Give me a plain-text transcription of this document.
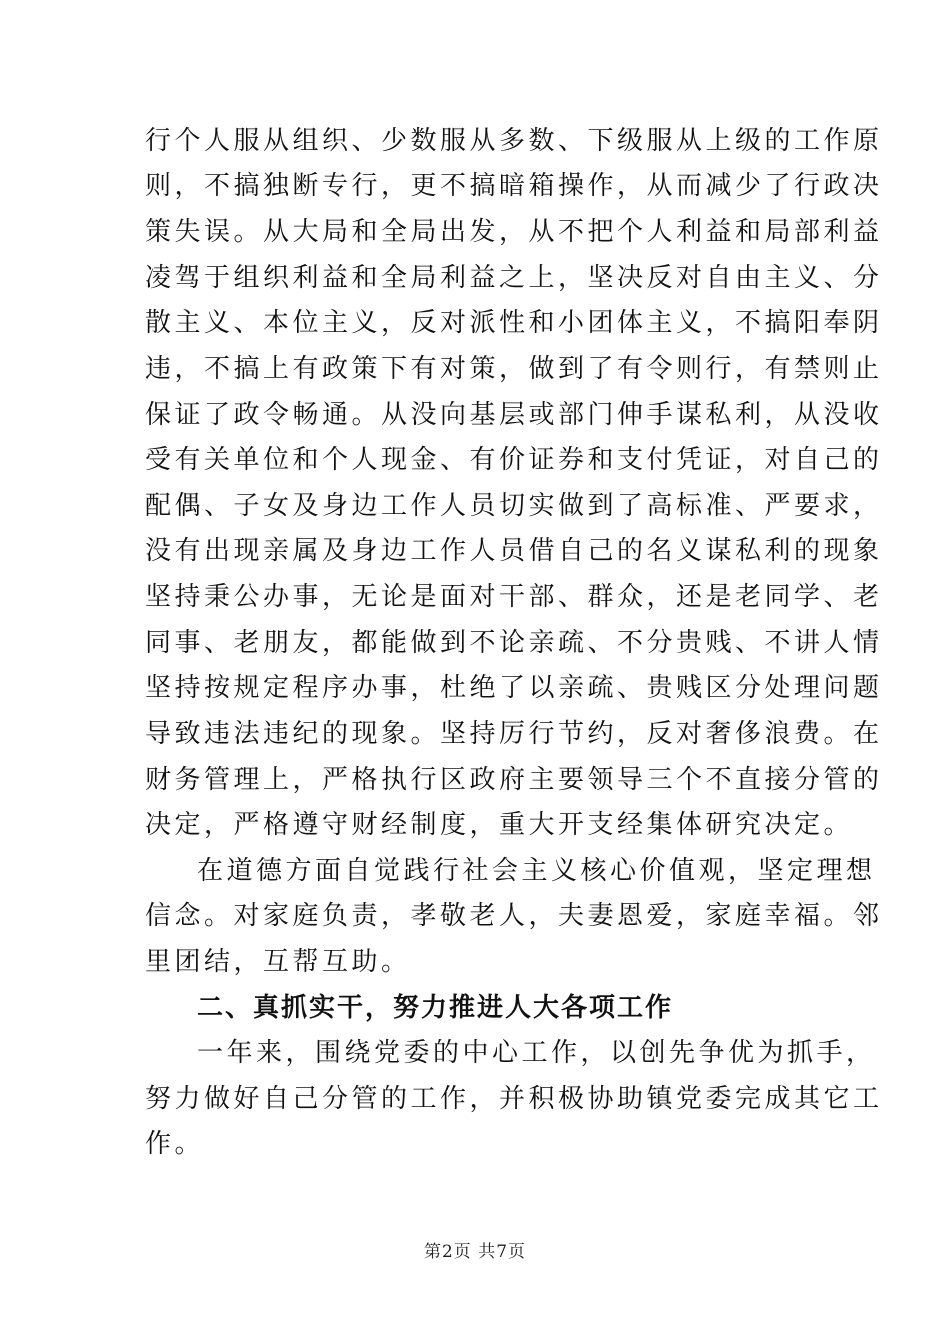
行个人服从组织、少数服从多数、下级服从上级的工作原
则，不搞独断专行，更不搞暗箱操作，从而减少了行政决
策失误。从大局和全局出发，从不把个人利益和局部利益
凌驾于组织利益和全局利益之上，坚决反对自由主义、分
散主义、本位主义，反对派性和小团体主义，不搞阳奉阴
违，不搞上有政策下有对策，做到了有令则行，有禁则止
保证了政令畅通。从没向基层或部门伸手谋私利，从没收
受有关单位和个人现金、有价证券和支付凭证，对自己的
配偶、子女及身边工作人员切实做到了高标准、严要求，
没有出现亲属及身边工作人员借自己的名义谋私利的现象
坚持秉公办事，无论是面对干部、群众，还是老同学、老
同事、老朋友，都能做到不论亲疏、不分贵贱、不讲人情
坚持按规定程序办事，杜绝了以亲疏、贵贱区分处理问题
导致违法违纪的现象。坚持厉行节约，反对奢侈浪费。在
财务管理上，严格执行区政府主要领导三个不直接分管的
决定，严格遵守财经制度，重大开支经集体研究决定。
在道德方面自觉践行社会主义核心价值观，坚定理想
信念。对家庭负责，孝敬老人，夫妻恩爱，家庭幸福。邻
里团结，互帮互助。
二、真抓实干，努力推进人大各项工作
一年来，围绕党委的中心工作，以创先争优为抓手，
努力做好自己分管的工作，并积极协助镇党委完成其它工
作。
第2页 共7页
